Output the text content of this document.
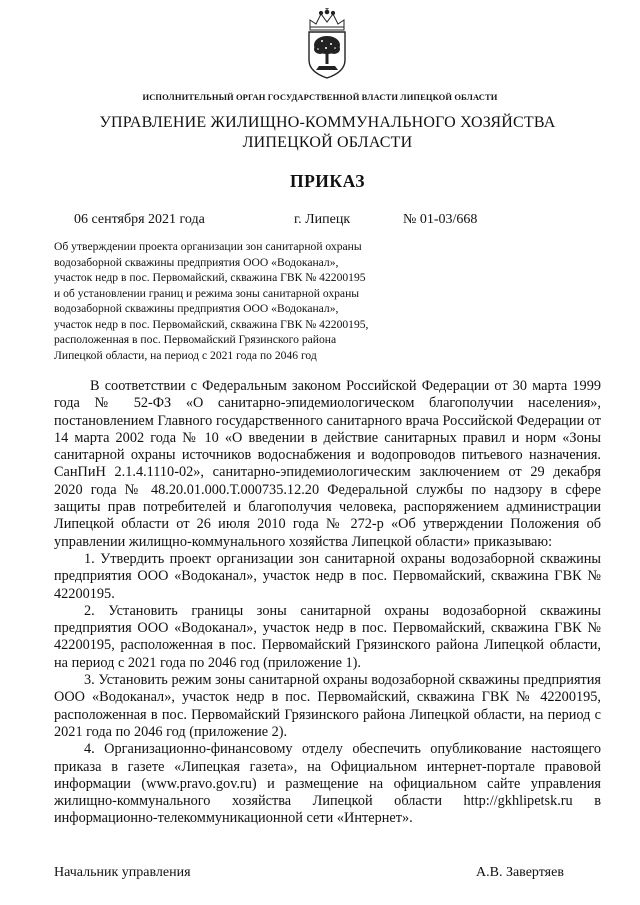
ИСПОЛНИТЕЛЬНЫЙ ОРГАН ГОСУДАРСТВЕННОЙ ВЛАСТИ ЛИПЕЦКОЙ ОБЛАСТИ
УПРАВЛЕНИЕ ЖИЛИЩНО-КОММУНАЛЬНОГО ХОЗЯЙСТВА
ЛИПЕЦКОЙ ОБЛАСТИ
ПРИКАЗ
06 сентября 2021 года	г. Липецк	№ 01-03/668
Об утверждении проекта организации зон санитарной охраны
водозаборной скважины предприятия ООО «Водоканал»,
участок недр в пос. Первомайский, скважина ГВК № 42200195
и об установлении границ и режима зоны санитарной охраны
водозаборной скважины предприятия ООО «Водоканал»,
участок недр в пос. Первомайский, скважина ГВК № 42200195,
расположенная в пос. Первомайский Грязинского района
Липецкой области, на период с 2021 года по 2046 год

В соответствии с Федеральным законом Российской Федерации от 30 марта 1999 года № 52-ФЗ «О санитарно-эпидемиологическом благополучии населения», постановлением Главного государственного санитарного врача Российской Федерации от 14 марта 2002 года № 10 «О введении в действие санитарных правил и норм «Зоны санитарной охраны источников водоснабжения и водопроводов питьевого назначения. СанПиН 2.1.4.1110-02», санитарно-эпидемиологическим заключением от 29 декабря 2020 года № 48.20.01.000.Т.000735.12.20 Федеральной службы по надзору в сфере защиты прав потребителей и благополучия человека, распоряжением администрации Липецкой области от 26 июля 2010 года № 272-р «Об утверждении Положения об управлении жилищно-коммунального хозяйства Липецкой области» приказываю:

1. Утвердить проект организации зон санитарной охраны водозаборной скважины предприятия ООО «Водоканал», участок недр в пос. Первомайский, скважина ГВК № 42200195.

2. Установить границы зоны санитарной охраны водозаборной скважины предприятия ООО «Водоканал», участок недр в пос. Первомайский, скважина ГВК № 42200195, расположенная в пос. Первомайский Грязинского района Липецкой области, на период с 2021 года по 2046 год (приложение 1).

3. Установить режим зоны санитарной охраны водозаборной скважины предприятия ООО «Водоканал», участок недр в пос. Первомайский, скважина ГВК № 42200195, расположенная в пос. Первомайский Грязинского района Липецкой области, на период с 2021 года по 2046 год (приложение 2).

4. Организационно-финансовому отделу обеспечить опубликование настоящего приказа в газете «Липецкая газета», на Официальном интернет-портале правовой информации (www.pravo.gov.ru) и размещение на официальном сайте управления жилищно-коммунального хозяйства Липецкой области http://gkhlipetsk.ru в информационно-телекоммуникационной сети «Интернет».

Начальник управления	А.В. Завертяев
